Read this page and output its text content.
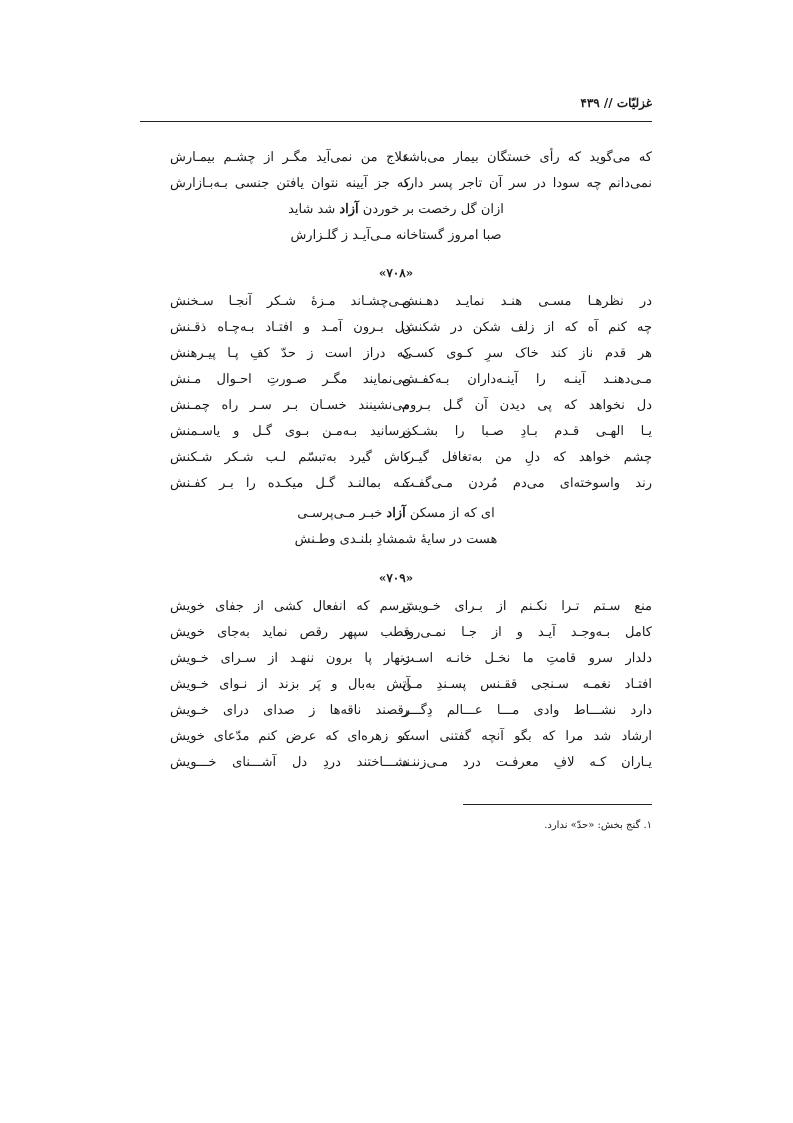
غزلیّات // ۴۳۹
که می‌گوید که رأی خستگان بیمار می‌باشد
علاج من نمی‌آید مگـر از چشـم بیمـارش
نمی‌دانم چه سودا در سر آن تاجر پسر دارد
که جز آیینه نتوان یافتن جنسی بـه‌بـازارش
ازان گل رخصت بر خوردن آزاد شد شاید
صبا امروز گستاخانه مـی‌آیـد ز گلـزارش
«۷۰۸»
در نظرهـا مسـی هنـد نمایـد دهـنش
مـی‌چشـاند مـزهٔ شـکر آنجـا سـخنش
چه کنم آه که از زلف شکن در شکنش
دل بـرون آمـد و افتـاد بـه‌چـاه ذقـنش
هر قدم ناز کند خاک سرِ کـوی کسـی
که دراز است ز حدّ کفِ پـا پیـرهنش
مـی‌دهنـد آینـه را آینـه‌داران بـه‌کفـش
می‌نمایند مگـر صـورتِ احـوال مـنش
دل نخواهد که پی دیدن آن گـل بـروم
می‌نشینند خسـان بـر سـر راه چمـنش
یـا الهـی قـدم بـادِ صـبا را بشـکن
نرسانید بـه‌مـن بـوی گـل و یاسـمنش
چشم خواهد که دلِ من به‌تغافل گیـرد
کاش گیرد به‌تبسّم لـب شـکر شـکنش
رند واسوخته‌ای می‌دم مُردن مـی‌گفـت
کـه بمالنـد گـل میکـده را بـر کفـنش
ای که از مسکن آزاد خبـر مـی‌پرسـی
هست در سایهٔ شمشادِ بلنـدی وطـنش
«۷۰۹»
منع سـتم تـرا نکـنم از بـرای خـویش
ترسم که انفعال کشی از جفای خویش
کامل بـه‌وجـد آیـد و از جـا نمـی‌رود
قطب سپهر رقص نماید به‌جای خویش
دلدار سرو قامتِ ما نخـل خانـه اسـت
زنهار پا برون ننهـد از سـرای خـویش
افتـاد نغمـه سـنجی ققـنس پسـندِ مـن
آتش به‌بال و پَر بزند از نـوای خـویش
دارد نشـــاط وادی مـــا عـــالم دِگـــر
رقصند ناقه‌ها ز صدای درای خـویش
ارشاد شد مرا که بگو آنچه گفتنی است
کو زهره‌ای که عرض کنم مدّعای خویش
یـاران کـه لافِ معرفـت درد مـی‌زننـد
نشـــاختند دردِ دل آشـــنای خـــویش
۱. گنج بخش: «حدّ» ندارد.
